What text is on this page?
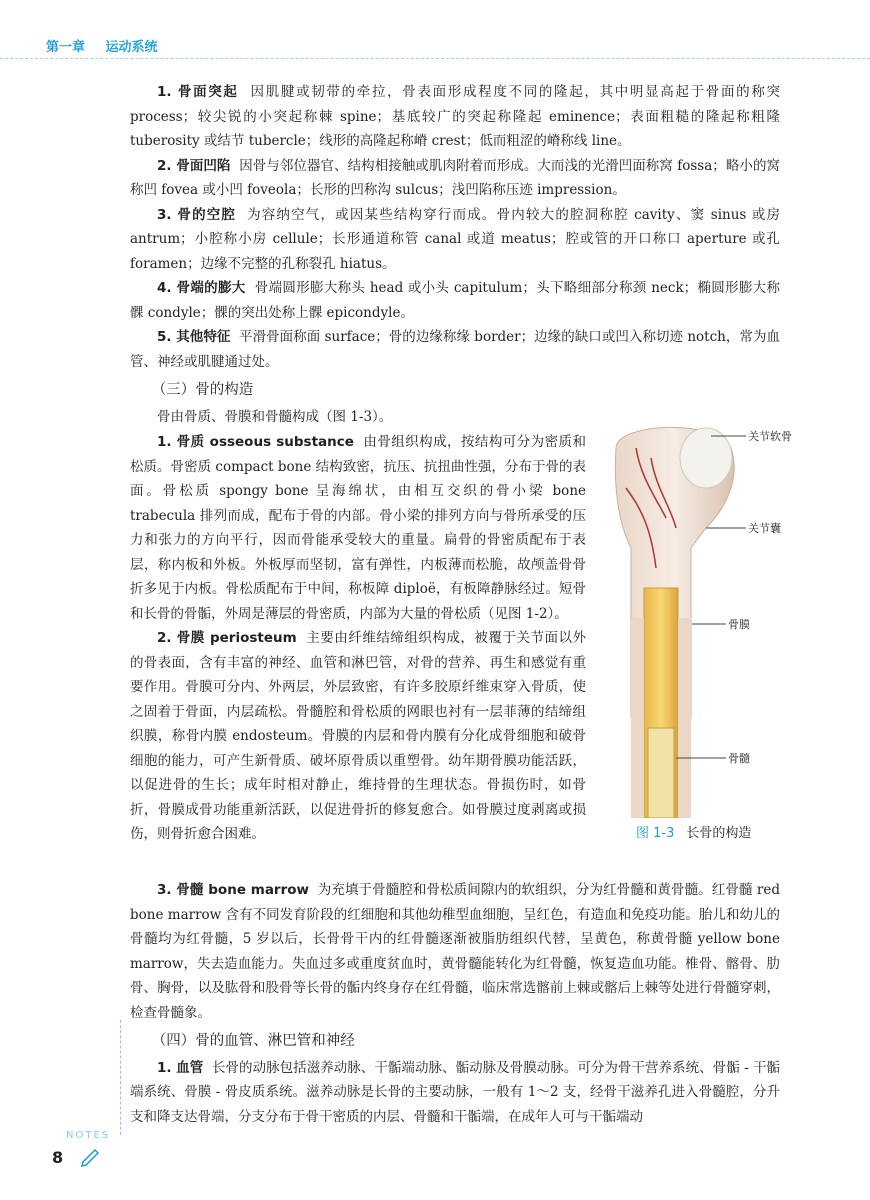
第一章 运动系统

1. 骨面突起 因肌腱或韧带的牵拉，骨表面形成程度不同的隆起，其中明显高起于骨面的称突 process；较尖锐的小突起称棘 spine；基底较广的突起称隆起 eminence；表面粗糙的隆起称粗隆 tuberosity 或结节 tubercle；线形的高隆起称嵴 crest；低而粗涩的嵴称线 line。

2. 骨面凹陷 因骨与邻位器官、结构相接触或肌肉附着而形成。大而浅的光滑凹面称窝 fossa；略小的窝称凹 fovea 或小凹 foveola；长形的凹称沟 sulcus；浅凹陷称压迹 impression。

3. 骨的空腔 为容纳空气，或因某些结构穿行而成。骨内较大的腔洞称腔 cavity、窦 sinus 或房 antrum；小腔称小房 cellule；长形通道称管 canal 或道 meatus；腔或管的开口称口 aperture 或孔 foramen；边缘不完整的孔称裂孔 hiatus。

4. 骨端的膨大 骨端圆形膨大称头 head 或小头 capitulum；头下略细部分称颈 neck；椭圆形膨大称髁 condyle；髁的突出处称上髁 epicondyle。

5. 其他特征 平滑骨面称面 surface；骨的边缘称缘 border；边缘的缺口或凹入称切迹 notch，常为血管、神经或肌腱通过处。

（三）骨的构造

骨由骨质、骨膜和骨髓构成（图 1-3）。

1. 骨质 osseous substance 由骨组织构成，按结构可分为密质和松质。骨密质 compact bone 结构致密，抗压、抗扭曲性强，分布于骨的表面。骨松质 spongy bone 呈海绵状，由相互交织的骨小梁 bone trabecula 排列而成，配布于骨的内部。骨小梁的排列方向与骨所承受的压力和张力的方向平行，因而骨能承受较大的重量。扁骨的骨密质配布于表层，称内板和外板。外板厚而坚韧，富有弹性，内板薄而松脆，故颅盖骨骨折多见于内板。骨松质配布于中间，称板障 diploë，有板障静脉经过。短骨和长骨的骨骺，外周是薄层的骨密质，内部为大量的骨松质（见图 1-2）。

2. 骨膜 periosteum 主要由纤维结缔组织构成，被覆于关节面以外的骨表面，含有丰富的神经、血管和淋巴管，对骨的营养、再生和感觉有重要作用。骨膜可分内、外两层，外层致密，有许多胶原纤维束穿入骨质，使之固着于骨面，内层疏松。骨髓腔和骨松质的网眼也衬有一层菲薄的结缔组织膜，称骨内膜 endosteum。骨膜的内层和骨内膜有分化成骨细胞和破骨细胞的能力，可产生新骨质、破坏原骨质以重塑骨。幼年期骨膜功能活跃，以促进骨的生长；成年时相对静止，维持骨的生理状态。骨损伤时，如骨折，骨膜成骨功能重新活跃，以促进骨折的修复愈合。如骨膜过度剥离或损伤，则骨折愈合困难。

3. 骨髓 bone marrow 为充填于骨髓腔和骨松质间隙内的软组织，分为红骨髓和黄骨髓。红骨髓 red bone marrow 含有不同发育阶段的红细胞和其他幼稚型血细胞，呈红色，有造血和免疫功能。胎儿和幼儿的骨髓均为红骨髓，5 岁以后，长骨骨干内的红骨髓逐渐被脂肪组织代替，呈黄色，称黄骨髓 yellow bone marrow，失去造血能力。失血过多或重度贫血时，黄骨髓能转化为红骨髓，恢复造血功能。椎骨、髂骨、肋骨、胸骨，以及肱骨和股骨等长骨的骺内终身存在红骨髓，临床常选髂前上棘或髂后上棘等处进行骨髓穿刺，检查骨髓象。

（四）骨的血管、淋巴管和神经

1. 血管 长骨的动脉包括滋养动脉、干骺端动脉、骺动脉及骨膜动脉。可分为骨干营养系统、骨骺 - 干骺端系统、骨膜 - 骨皮质系统。滋养动脉是长骨的主要动脉，一般有 1～2 支，经骨干滋养孔进入骨髓腔，分升支和降支达骨端，分支分布于骨干密质的内层、骨髓和干骺端，在成年人可与干骺端动

关节软骨
关节囊
骨膜
骨髓
图 1-3 长骨的构造
NOTES
8
